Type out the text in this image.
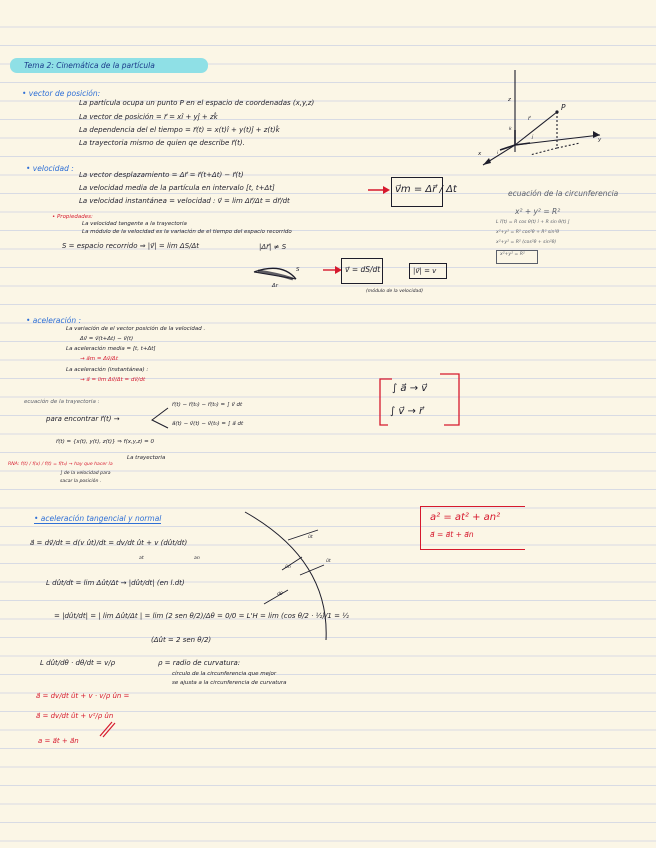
Tema 2: Cinemática de la partícula
• vector de posición:
La partícula ocupa un punto P en el espacio de coordenadas (x,y,z)
La vector de posición = r⃗ = xî + yĵ + zk̂
La dependencia del el tiempo = r⃗(t) = x(t)î + y(t)ĵ + z(t)k̂
La trayectoria mismo de quien qe describe r⃗(t).
z
y
x
P
r⃗
k
j
i
ecuación de la circunferencia
x² + y² = R²
L r⃗(t) = R cos θ(t) î + R sin θ(t) ĵ
x²+y² = R² cos²θ + R² sin²θ
x²+y² = R² (cos²θ + sin²θ)
x²+y² = R²
• velocidad :
La vector desplazamiento = Δr⃗ = r⃗(t+Δt) − r⃗(t)
La velocidad media de la partícula en intervalo [t, t+Δt]
La velocidad instantánea = velocidad : v⃗ = lim Δr⃗/Δt = dr⃗/dt
v⃗m = Δr⃗ / Δt
• Propiedades:
La velocidad tangente a la trayectoria
La módulo de la velocidad es la variación de el tiempo del espacio recorrido
S = espacio recorrido ⇒ |v⃗| = lim ΔS/Δt	|Δr⃗| ≠ S
S
Δr
v⃗ = dS/dt	|v⃗| = v
(módulo de la velocidad)
• aceleración :
La variación de el vector posición de la velocidad .
Δv⃗ = v⃗(t+Δt) − v⃗(t)
La aceleración media = [t, t+Δt]
→ a⃗m = Δv⃗/Δt
La aceleración (instantánea) :
→ a⃗ = lim Δv⃗/Δt = dv⃗/dt
ecuación de la trayectoria :
para encontrar r⃗(t) →
r⃗(t) − r⃗(t₀) − r⃗(t₀) = ∫ v⃗ dt
a⃗(t) − v⃗(t) − v⃗(t₀) = ∫ a⃗ dt
r⃗(t) = {x(t), y(t), z(t)} ⇒ f(x,y,z) = 0
La trayectoria
RNA: f(t) / f(x) / f(t) = f(t₀) → hay que hacer la
∫ de la velocidad para
sacar la posición .
∫ a⃗ → v⃗
∫ v⃗ → r⃗
• aceleración tangencial y normal
a⃗ = dv⃗/dt = d(v ût)/dt = dv/dt ût + v (dût/dt)
at	an
a² = at² + an²
a⃗ = a⃗t + a⃗n
ût
ût
ûn
dθ
L dût/dt = lim Δût/Δt → |dût/dt| (en l.dt)
= |dût/dt| = | lim Δût/Δt | = lim (2 sen θ/2)/Δθ = 0/0 = L'H = lim (cos θ/2 · ½)/1 = ½
(Δût = 2 sen θ/2)
L dût/dθ · dθ/dt = v/ρ	ρ = radio de curvatura:
círculo de la circunferencia que mejor
se ajusta a la circunferencia de curvatura
a⃗ = dv/dt ût + v · v/ρ ûn =
a⃗ = dv/dt ût + v²/ρ ûn
a = a⃗t + a⃗n
